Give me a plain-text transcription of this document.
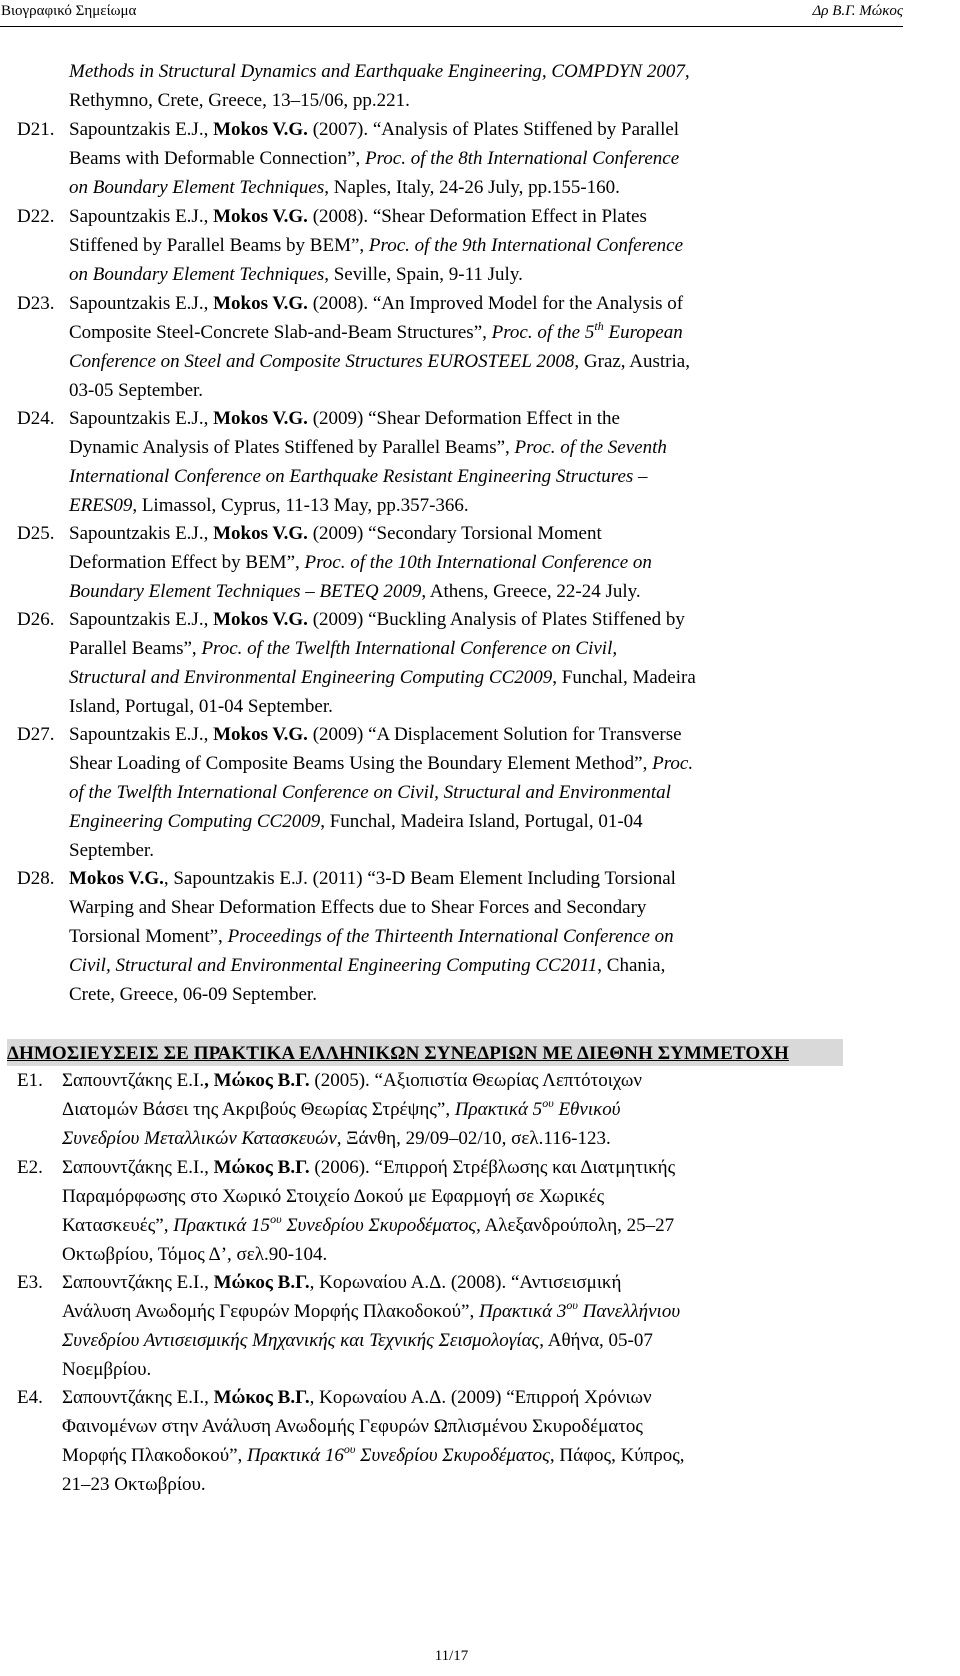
Βιογραφικό Σημείωμα	Δρ Β.Γ. Μώκος
Methods in Structural Dynamics and Earthquake Engineering, COMPDYN 2007,
Rethymno, Crete, Greece, 13–15/06, pp.221.
D21. Sapountzakis E.J., Mokos V.G. (2007). “Analysis of Plates Stiffened by Parallel
Beams with Deformable Connection”, Proc. of the 8th International Conference
on Boundary Element Techniques, Naples, Italy, 24-26 July, pp.155-160.
D22. Sapountzakis E.J., Mokos V.G. (2008). “Shear Deformation Effect in Plates
Stiffened by Parallel Beams by BEM”, Proc. of the 9th International Conference
on Boundary Element Techniques, Seville, Spain, 9-11 July.
D23. Sapountzakis E.J., Mokos V.G. (2008). “An Improved Model for the Analysis of
Composite Steel-Concrete Slab-and-Beam Structures”, Proc. of the 5th European
Conference on Steel and Composite Structures EUROSTEEL 2008, Graz, Austria,
03-05 September.
D24. Sapountzakis E.J., Mokos V.G. (2009) “Shear Deformation Effect in the
Dynamic Analysis of Plates Stiffened by Parallel Beams”, Proc. of the Seventh
International Conference on Earthquake Resistant Engineering Structures –
ERES09, Limassol, Cyprus, 11-13 May, pp.357-366.
D25. Sapountzakis E.J., Mokos V.G. (2009) “Secondary Torsional Moment
Deformation Effect by BEM”, Proc. of the 10th International Conference on
Boundary Element Techniques – BETEQ 2009, Athens, Greece, 22-24 July.
D26. Sapountzakis E.J., Mokos V.G. (2009) “Buckling Analysis of Plates Stiffened by
Parallel Beams”, Proc. of the Twelfth International Conference on Civil,
Structural and Environmental Engineering Computing CC2009, Funchal, Madeira
Island, Portugal, 01-04 September.
D27. Sapountzakis E.J., Mokos V.G. (2009) “A Displacement Solution for Transverse
Shear Loading of Composite Beams Using the Boundary Element Method”, Proc.
of the Twelfth International Conference on Civil, Structural and Environmental
Engineering Computing CC2009, Funchal, Madeira Island, Portugal, 01-04
September.
D28. Mokos V.G., Sapountzakis E.J. (2011) “3-D Beam Element Including Torsional
Warping and Shear Deformation Effects due to Shear Forces and Secondary
Torsional Moment”, Proceedings of the Thirteenth International Conference on
Civil, Structural and Environmental Engineering Computing CC2011, Chania,
Crete, Greece, 06-09 September.
ΔΗΜΟΣΙΕΥΣΕΙΣ ΣΕ ΠΡΑΚΤΙΚΑ ΕΛΛΗΝΙΚΩΝ ΣΥΝΕΔΡΙΩΝ ΜΕ ΔΙΕΘΝΗ ΣΥΜΜΕΤΟΧΗ
Ε1. Σαπουντζάκης Ε.Ι., Μώκος Β.Γ. (2005). “Αξιοπιστία Θεωρίας Λεπτότοιχων
Διατομών Βάσει της Ακριβούς Θεωρίας Στρέψης”, Πρακτικά $5^{o\upsilon}$ Εθνικού
Συνεδρίου Μεταλλικών Κατασκευών, Ξάνθη, 29/09–02/10, σελ.116-123.
Ε2. Σαπουντζάκης Ε.Ι., Μώκος Β.Γ. (2006). “Επιρροή Στρέβλωσης και Διατμητικής
Παραμόρφωσης στο Χωρικό Στοιχείο Δοκού με Εφαρμογή σε Χωρικές
Κατασκευές”, Πρακτικά $15^{o\upsilon}$ Συνεδρίου Σκυροδέματος, Αλεξανδρούπολη, 25–27
Οκτωβρίου, Τόμος Δ’, σελ.90-104.
Ε3. Σαπουντζάκης Ε.Ι., Μώκος Β.Γ., Κορωναίου Α.Δ. (2008). “Αντισεισμική
Ανάλυση Ανωδομής Γεφυρών Μορφής Πλακοδοκού”, Πρακτικά $3^{o\upsilon}$ Πανελλήνιου
Συνεδρίου Αντισεισμικής Μηχανικής και Τεχνικής Σεισμολογίας, Αθήνα, 05-07
Νοεμβρίου.
Ε4. Σαπουντζάκης Ε.Ι., Μώκος Β.Γ., Κορωναίου Α.Δ. (2009) “Επιρροή Χρόνιων
Φαινομένων στην Ανάλυση Ανωδομής Γεφυρών Ωπλισμένου Σκυροδέματος
Μορφής Πλακοδοκού”, Πρακτικά $16^{o\upsilon}$ Συνεδρίου Σκυροδέματος, Πάφος, Κύπρος,
21–23 Οκτωβρίου.
11/17
